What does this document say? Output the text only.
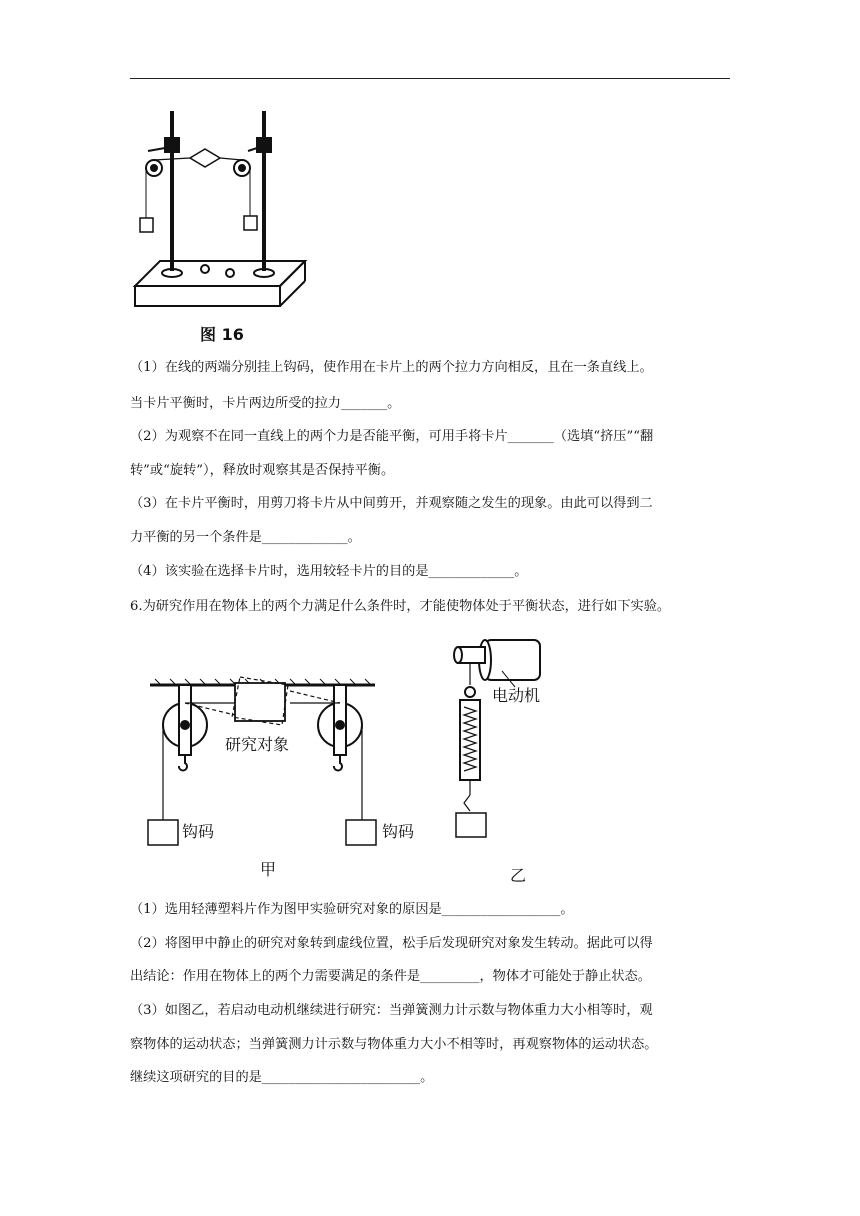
图 16
（1）在线的两端分别挂上钩码，使作用在卡片上的两个拉力方向相反，且在一条直线上。
当卡片平衡时，卡片两边所受的拉力_______。
（2）为观察不在同一直线上的两个力是否能平衡，可用手将卡片_______（选填“挤压”“翻
转”或“旋转”），释放时观察其是否保持平衡。
（3）在卡片平衡时，用剪刀将卡片从中间剪开，并观察随之发生的现象。由此可以得到二
力平衡的另一个条件是_____________。
（4）该实验在选择卡片时，选用较轻卡片的目的是_____________。
6.为研究作用在物体上的两个力满足什么条件时，才能使物体处于平衡状态，进行如下实验。
研究对象
钩码	钩码
电动机
甲	乙
（1）选用轻薄塑料片作为图甲实验研究对象的原因是__________________。
（2）将图甲中静止的研究对象转到虚线位置，松手后发现研究对象发生转动。据此可以得
出结论：作用在物体上的两个力需要满足的条件是_________，物体才可能处于静止状态。
（3）如图乙，若启动电动机继续进行研究：当弹簧测力计示数与物体重力大小相等时，观
察物体的运动状态；当弹簧测力计示数与物体重力大小不相等时，再观察物体的运动状态。
继续这项研究的目的是________________________。
